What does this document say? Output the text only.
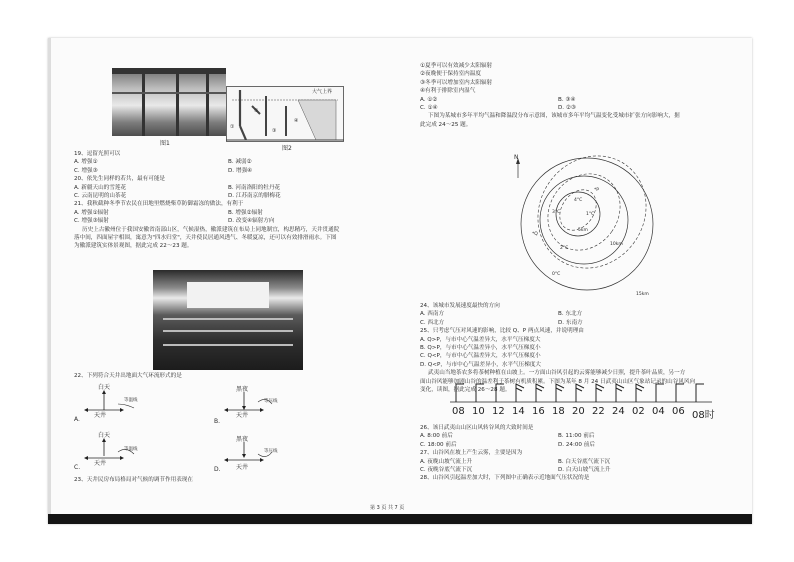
图1
大气上界
①
②
③
④
图2
19、逗留光照可以
A. 增强①	B. 减弱②
C. 增强③	D. 增强④
20、依先生同样的若共，最有可能是
A. 新疆天山的雪莲花	B. 河南洛阳的牡丹花
C. 云南昆明的山茶花	D. 江苏南京的腊梅花
21、我秋截种冬季节农民在田地里燃烧柴草防御霜冻的做法，有利于
A. 增强①辐射	B. 增强②辐射
C. 增强③辐射	D. 改变④辐射方向
历史上古徽州位于我国安徽省南部山区，气候湿热，徽派建筑在布局上同地制宜，构思精巧，天井贯通院
落中间，四面屋宇相围，寓意为"四水归堂"，天井使民居通风透气、冬暖夏凉，还可以有效排滑雨水。下图
为徽派建筑实体景观图，据此完成 22～23 题。
22、下列符合天井出地面大气环流形式的是
白天
等温线
天井
A.
黑夜
等压线
天井
B.
白天
等温线
天井
C.
黑夜
等压线
天井
D.
23、天井民房布局格局对气候的调节作用表现在
①夏季可以有效减少太阳辐射
②夜晚便于保持室内温度
③冬季可以增加室内太阳辐射
④有利于排除室内湿气
A. ①②	B. ③④
C. ①④	D. ②③
下图为某城市多年平均气温和降温段分布示意图，该城市多年平均气温变化受城市扩张方向影响大，据
此完成 24～25 题。
N
*P
*Q
4°C
3°C
2°C
1°C
0°C
5km
10km
15km
24、该城市发展速度最快的方向
A. 西南方	B. 东北方
C. 西北方	D. 东南方
25、只考虑气压对风速的影响，比较 Q、P 两点风速，并说明理由
A. Q>P，与市中心气温差异大，水平气压梯度大
B. Q>P，与市中心气温差异小，水平气压梯度小
C. Q<P，与市中心气温差异大，水平气压梯度小
D. Q<P，与市中心气温差异小，水平气压梯度大
武夷山当地茶农多将茶树种植在山坡上。一方面山谷风引起的云雾能够减少日照，提升茶叶品质，另一方
面山谷风能够加剧山谷的温差利于茶树有机质积累。下图为某年 8 月 24 日武夷山山区气象站记录的山谷风风向
变化，读图，据此完成 26～28 题。
08 10 12 14 16 18 20 22 24 02 04 06 08时
26、该日武夷山山区山风转谷风的大致时间是
A. 8:00 前后	B. 11:00 前后
C. 18:00 前后	D. 24:00 前后
27、山谷风在坡上产生云雾，主要是因为
A. 夜晚山坡气流上升	B. 白天谷底气流下沉
C. 夜晚谷底气流下沉	D. 白天山坡气流上升
28、山谷风引起温差加大时，下列图中正确表示近地面气压状况的是
第 3 页 共 7 页
